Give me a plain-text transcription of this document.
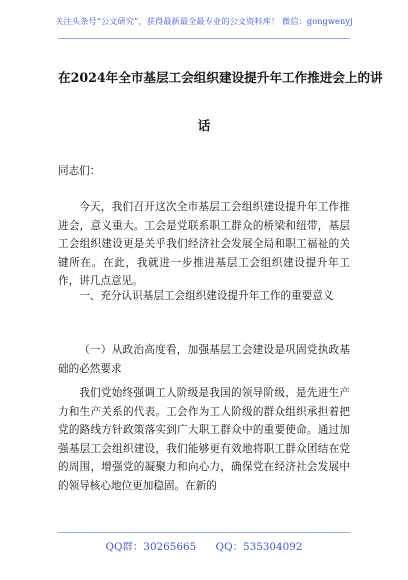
关注头条号“公文研究”，获得最新最全最专业的公文资料库！ 微信：gongwenyj
在2024年全市基层工会组织建设提升年工作推进会上的讲
话
同志们：
今天，我们召开这次全市基层工会组织建设提升年工作推进会，意义重大。工会是党联系职工群众的桥梁和纽带，基层工会组织建设更是关乎我们经济社会发展全局和职工福祉的关键所在。在此，我就进一步推进基层工会组织建设提升年工作，讲几点意见。
一、充分认识基层工会组织建设提升年工作的重要意义
（一）从政治高度看，加强基层工会建设是巩固党执政基础的必然要求
我们党始终强调工人阶级是我国的领导阶级，是先进生产力和生产关系的代表。工会作为工人阶级的群众组织承担着把党的路线方针政策落实到广大职工群众中的重要使命。通过加强基层工会组织建设，我们能够更有效地将职工群众团结在党的周围，增强党的凝聚力和向心力，确保党在经济社会发展中的领导核心地位更加稳固。在新的
QQ群：30265665 QQ：535304092
